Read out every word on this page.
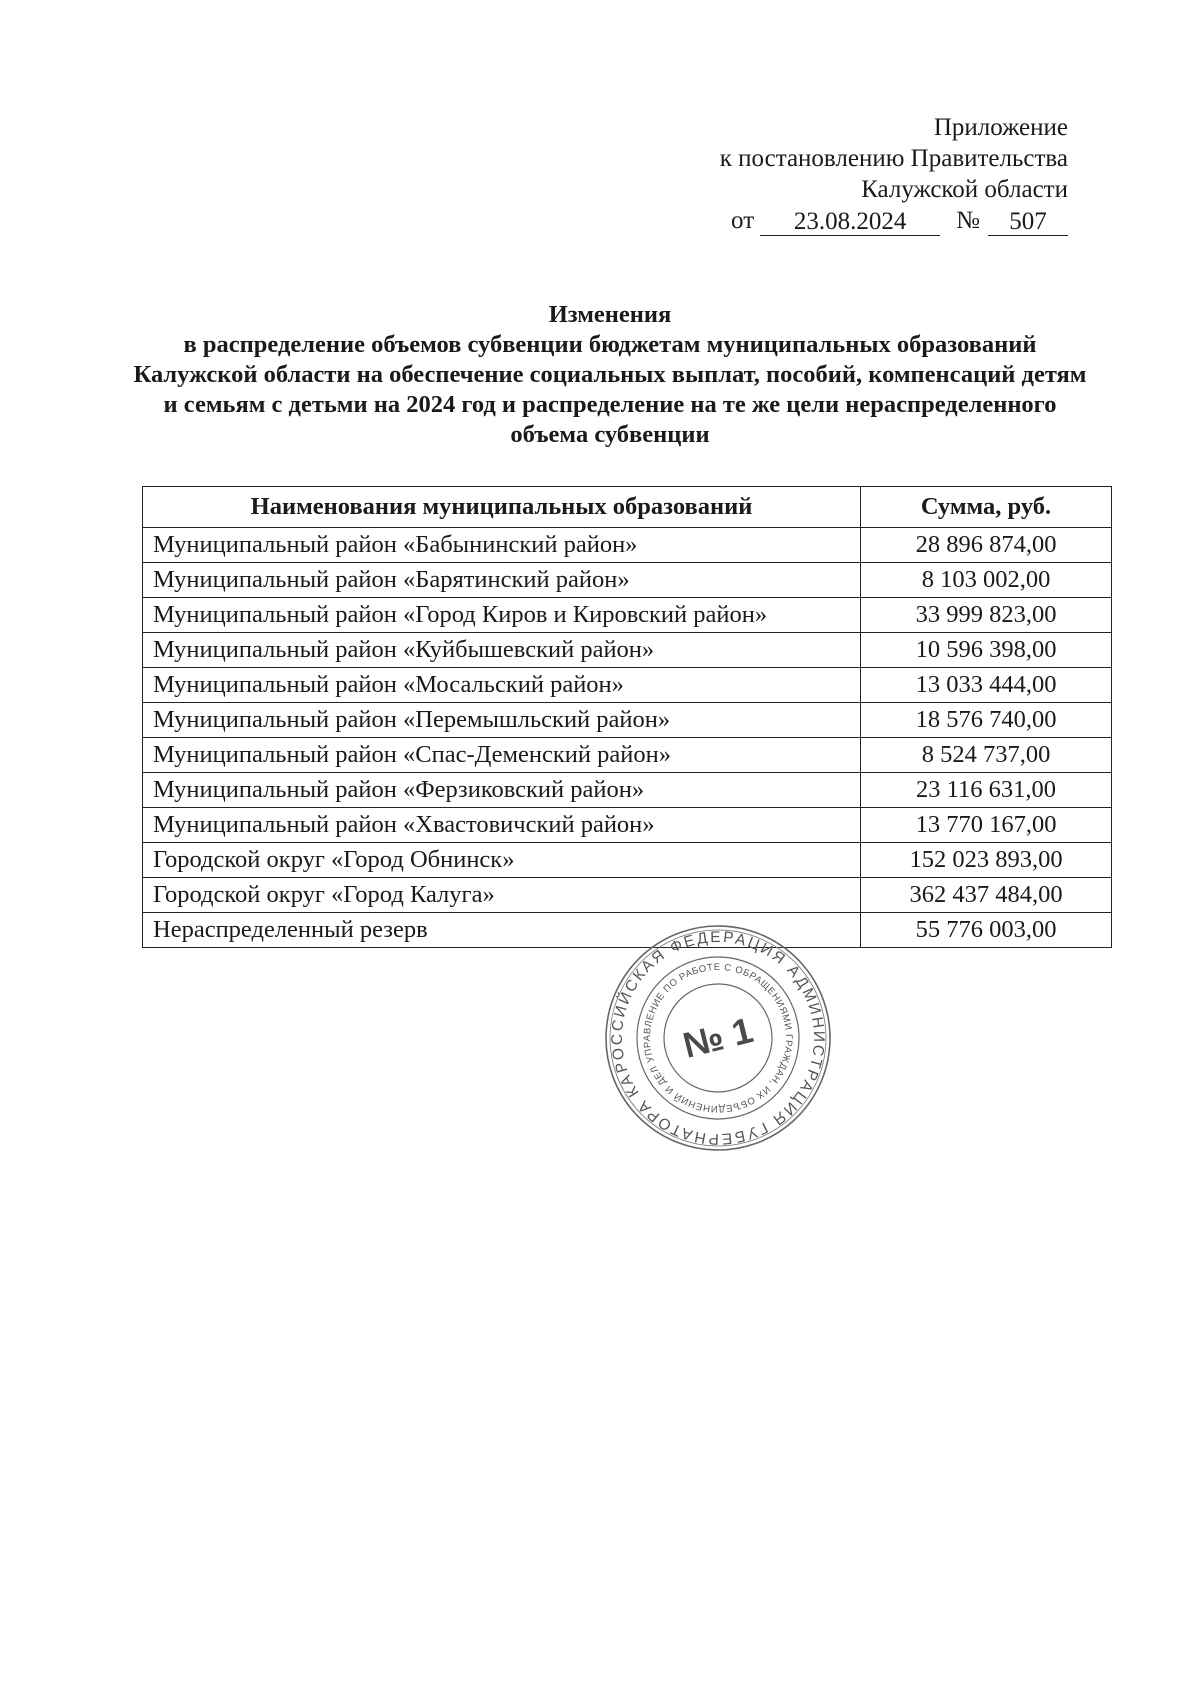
Приложение
к постановлению Правительства
Калужской области
от	23.08.2024	№	507
Изменения
в распределение объемов субвенции бюджетам муниципальных образований
Калужской области на обеспечение социальных выплат, пособий, компенсаций детям
и семьям с детьми на 2024 год и распределение на те же цели нераспределенного
объема субвенции
Наименования муниципальных образований	Сумма, руб.
Муниципальный район «Бабынинский район»	28 896 874,00
Муниципальный район «Барятинский район»	8 103 002,00
Муниципальный район «Город Киров и Кировский район»	33 999 823,00
Муниципальный район «Куйбышевский район»	10 596 398,00
Муниципальный район «Мосальский район»	13 033 444,00
Муниципальный район «Перемышльский район»	18 576 740,00
Муниципальный район «Спас-Деменский район»	8 524 737,00
Муниципальный район «Ферзиковский район»	23 116 631,00
Муниципальный район «Хвастовичский район»	13 770 167,00
Городской округ «Город Обнинск»	152 023 893,00
Городской округ «Город Калуга»	362 437 484,00
Нераспределенный резерв	55 776 003,00
РОССИЙСКАЯ ФЕДЕРАЦИЯ АДМИНИСТРАЦИЯ ГУБЕРНАТОРА КАЛУЖСКОЙ
УПРАВЛЕНИЕ ПО РАБОТЕ С ОБРАЩЕНИЯМИ ГРАЖДАН, ИХ ОБЪЕДИНЕНИЙ И ДЕЛОПРОИЗВОДСТВА
№ 1
